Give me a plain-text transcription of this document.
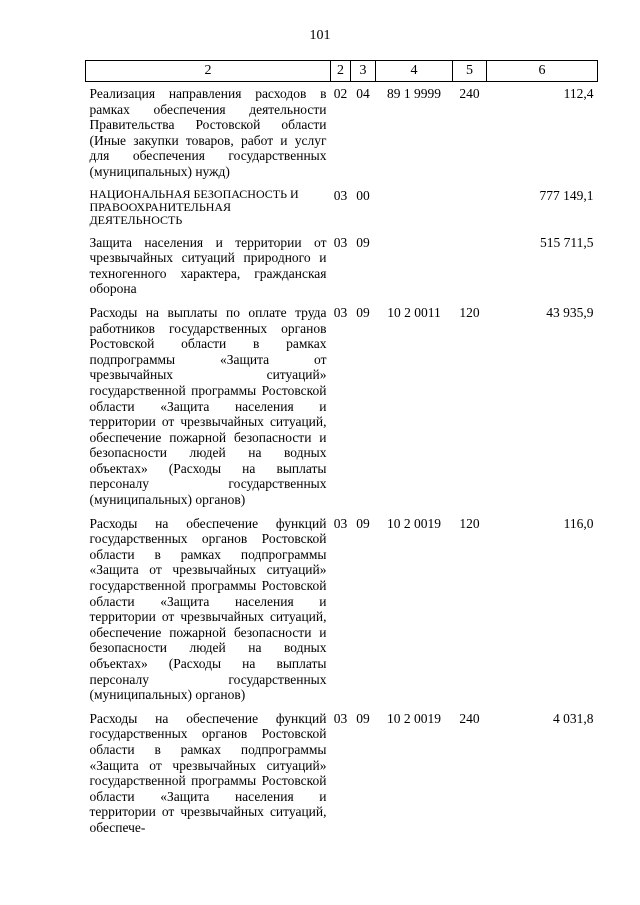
101
2	2	3	4	5	6
Реализация направления расходов в рамках обеспечения деятельности Правительства Ростовской области (Иные закупки товаров, работ и услуг для обеспечения государственных (муниципальных) нужд)	02	04	89 1 9999	240	112,4
НАЦИОНАЛЬНАЯ БЕЗОПАСНОСТЬ И ПРАВООХРАНИТЕЛЬНАЯ ДЕЯТЕЛЬНОСТЬ	03	00			777 149,1
Защита населения и территории от чрезвычайных ситуаций природного и техногенного характера, гражданская оборона	03	09			515 711,5
Расходы на выплаты по оплате труда работников государственных органов Ростовской области в рамках подпрограммы «Защита от чрезвычайных ситуаций» государственной программы Ростовской области «Защита населения и территории от чрезвычайных ситуаций, обеспечение пожарной безопасности и безопасности людей на водных объектах» (Расходы на выплаты персоналу государственных (муниципальных) органов)	03	09	10 2 0011	120	43 935,9
Расходы на обеспечение функций государственных органов Ростовской области в рамках подпрограммы «Защита от чрезвычайных ситуаций» государственной программы Ростовской области «Защита населения и территории от чрезвычайных ситуаций, обеспечение пожарной безопасности и безопасности людей на водных объектах» (Расходы на выплаты персоналу государственных (муниципальных) органов)	03	09	10 2 0019	120	116,0
Расходы на обеспечение функций государственных органов Ростовской области в рамках подпрограммы «Защита от чрезвычайных ситуаций» государственной программы Ростовской области «Защита населения и территории от чрезвычайных ситуаций, обеспече-	03	09	10 2 0019	240	4 031,8
